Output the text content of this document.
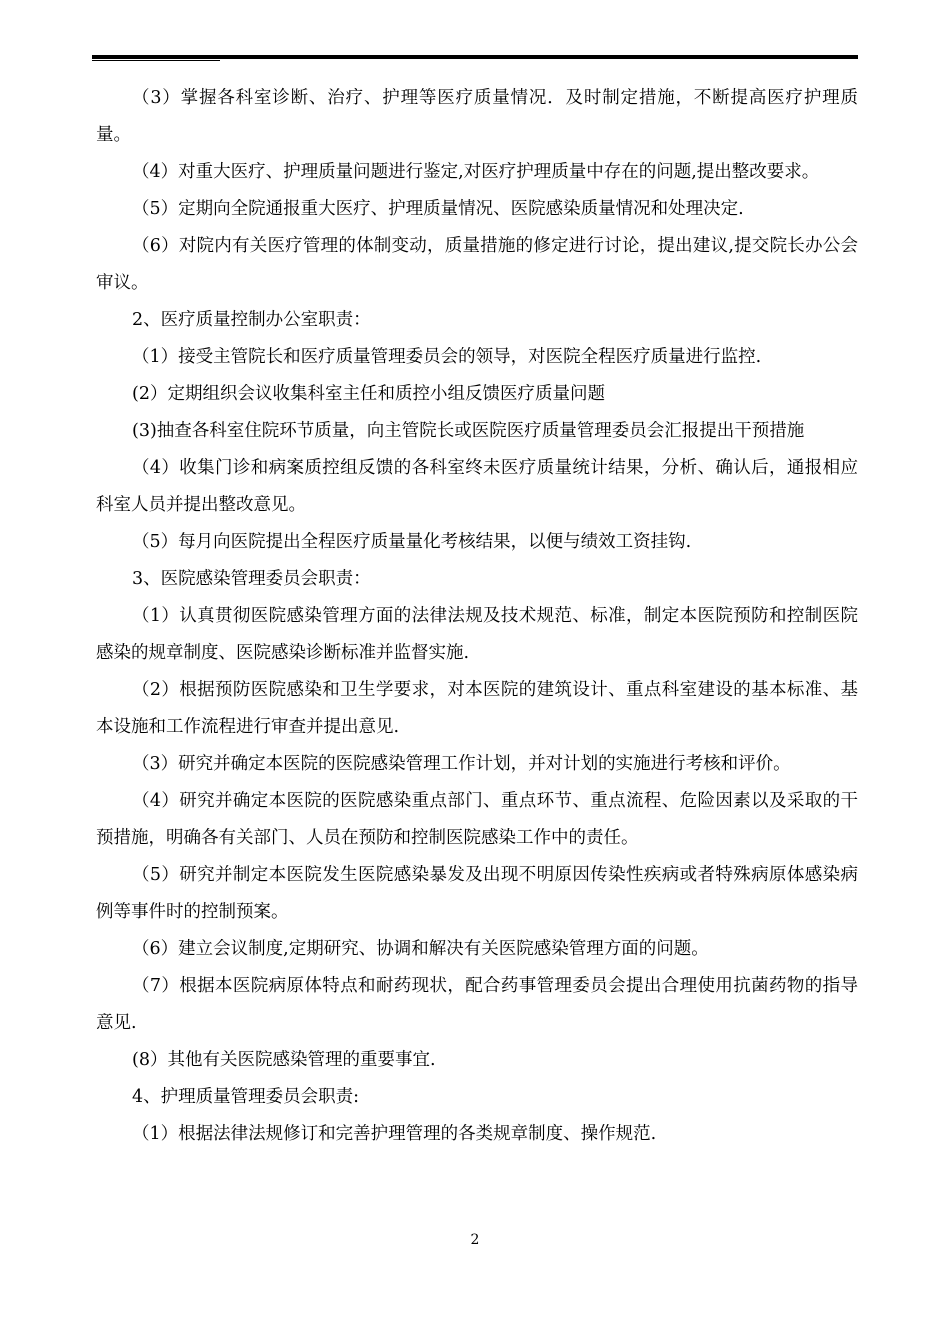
（3）掌握各科室诊断、治疗、护理等医疗质量情况．及时制定措施，不断提高医疗护理质量。

（4）对重大医疗、护理质量问题进行鉴定,对医疗护理质量中存在的问题,提出整改要求。

（5）定期向全院通报重大医疗、护理质量情况、医院感染质量情况和处理决定.

（6）对院内有关医疗管理的体制变动，质量措施的修定进行讨论，提出建议,提交院长办公会审议。

2、医疗质量控制办公室职责：

（1）接受主管院长和医疗质量管理委员会的领导，对医院全程医疗质量进行监控.

(2）定期组织会议收集科室主任和质控小组反馈医疗质量问题

(3)抽查各科室住院环节质量，向主管院长或医院医疗质量管理委员会汇报提出干预措施

（4）收集门诊和病案质控组反馈的各科室终未医疗质量统计结果，分析、确认后，通报相应科室人员并提出整改意见。

（5）每月向医院提出全程医疗质量量化考核结果，以便与绩效工资挂钩.

3、医院感染管理委员会职责：

（1）认真贯彻医院感染管理方面的法律法规及技术规范、标准，制定本医院预防和控制医院感染的规章制度、医院感染诊断标准并监督实施.

（2）根据预防医院感染和卫生学要求，对本医院的建筑设计、重点科室建设的基本标准、基本设施和工作流程进行审查并提出意见.

（3）研究并确定本医院的医院感染管理工作计划，并对计划的实施进行考核和评价。

（4）研究并确定本医院的医院感染重点部门、重点环节、重点流程、危险因素以及采取的干预措施，明确各有关部门、人员在预防和控制医院感染工作中的责任。

（5）研究并制定本医院发生医院感染暴发及出现不明原因传染性疾病或者特殊病原体感染病例等事件时的控制预案。

（6）建立会议制度,定期研究、协调和解决有关医院感染管理方面的问题。

（7）根据本医院病原体特点和耐药现状，配合药事管理委员会提出合理使用抗菌药物的指导意见.

(8）其他有关医院感染管理的重要事宜.

4、护理质量管理委员会职责:

（1）根据法律法规修订和完善护理管理的各类规章制度、操作规范.

2
